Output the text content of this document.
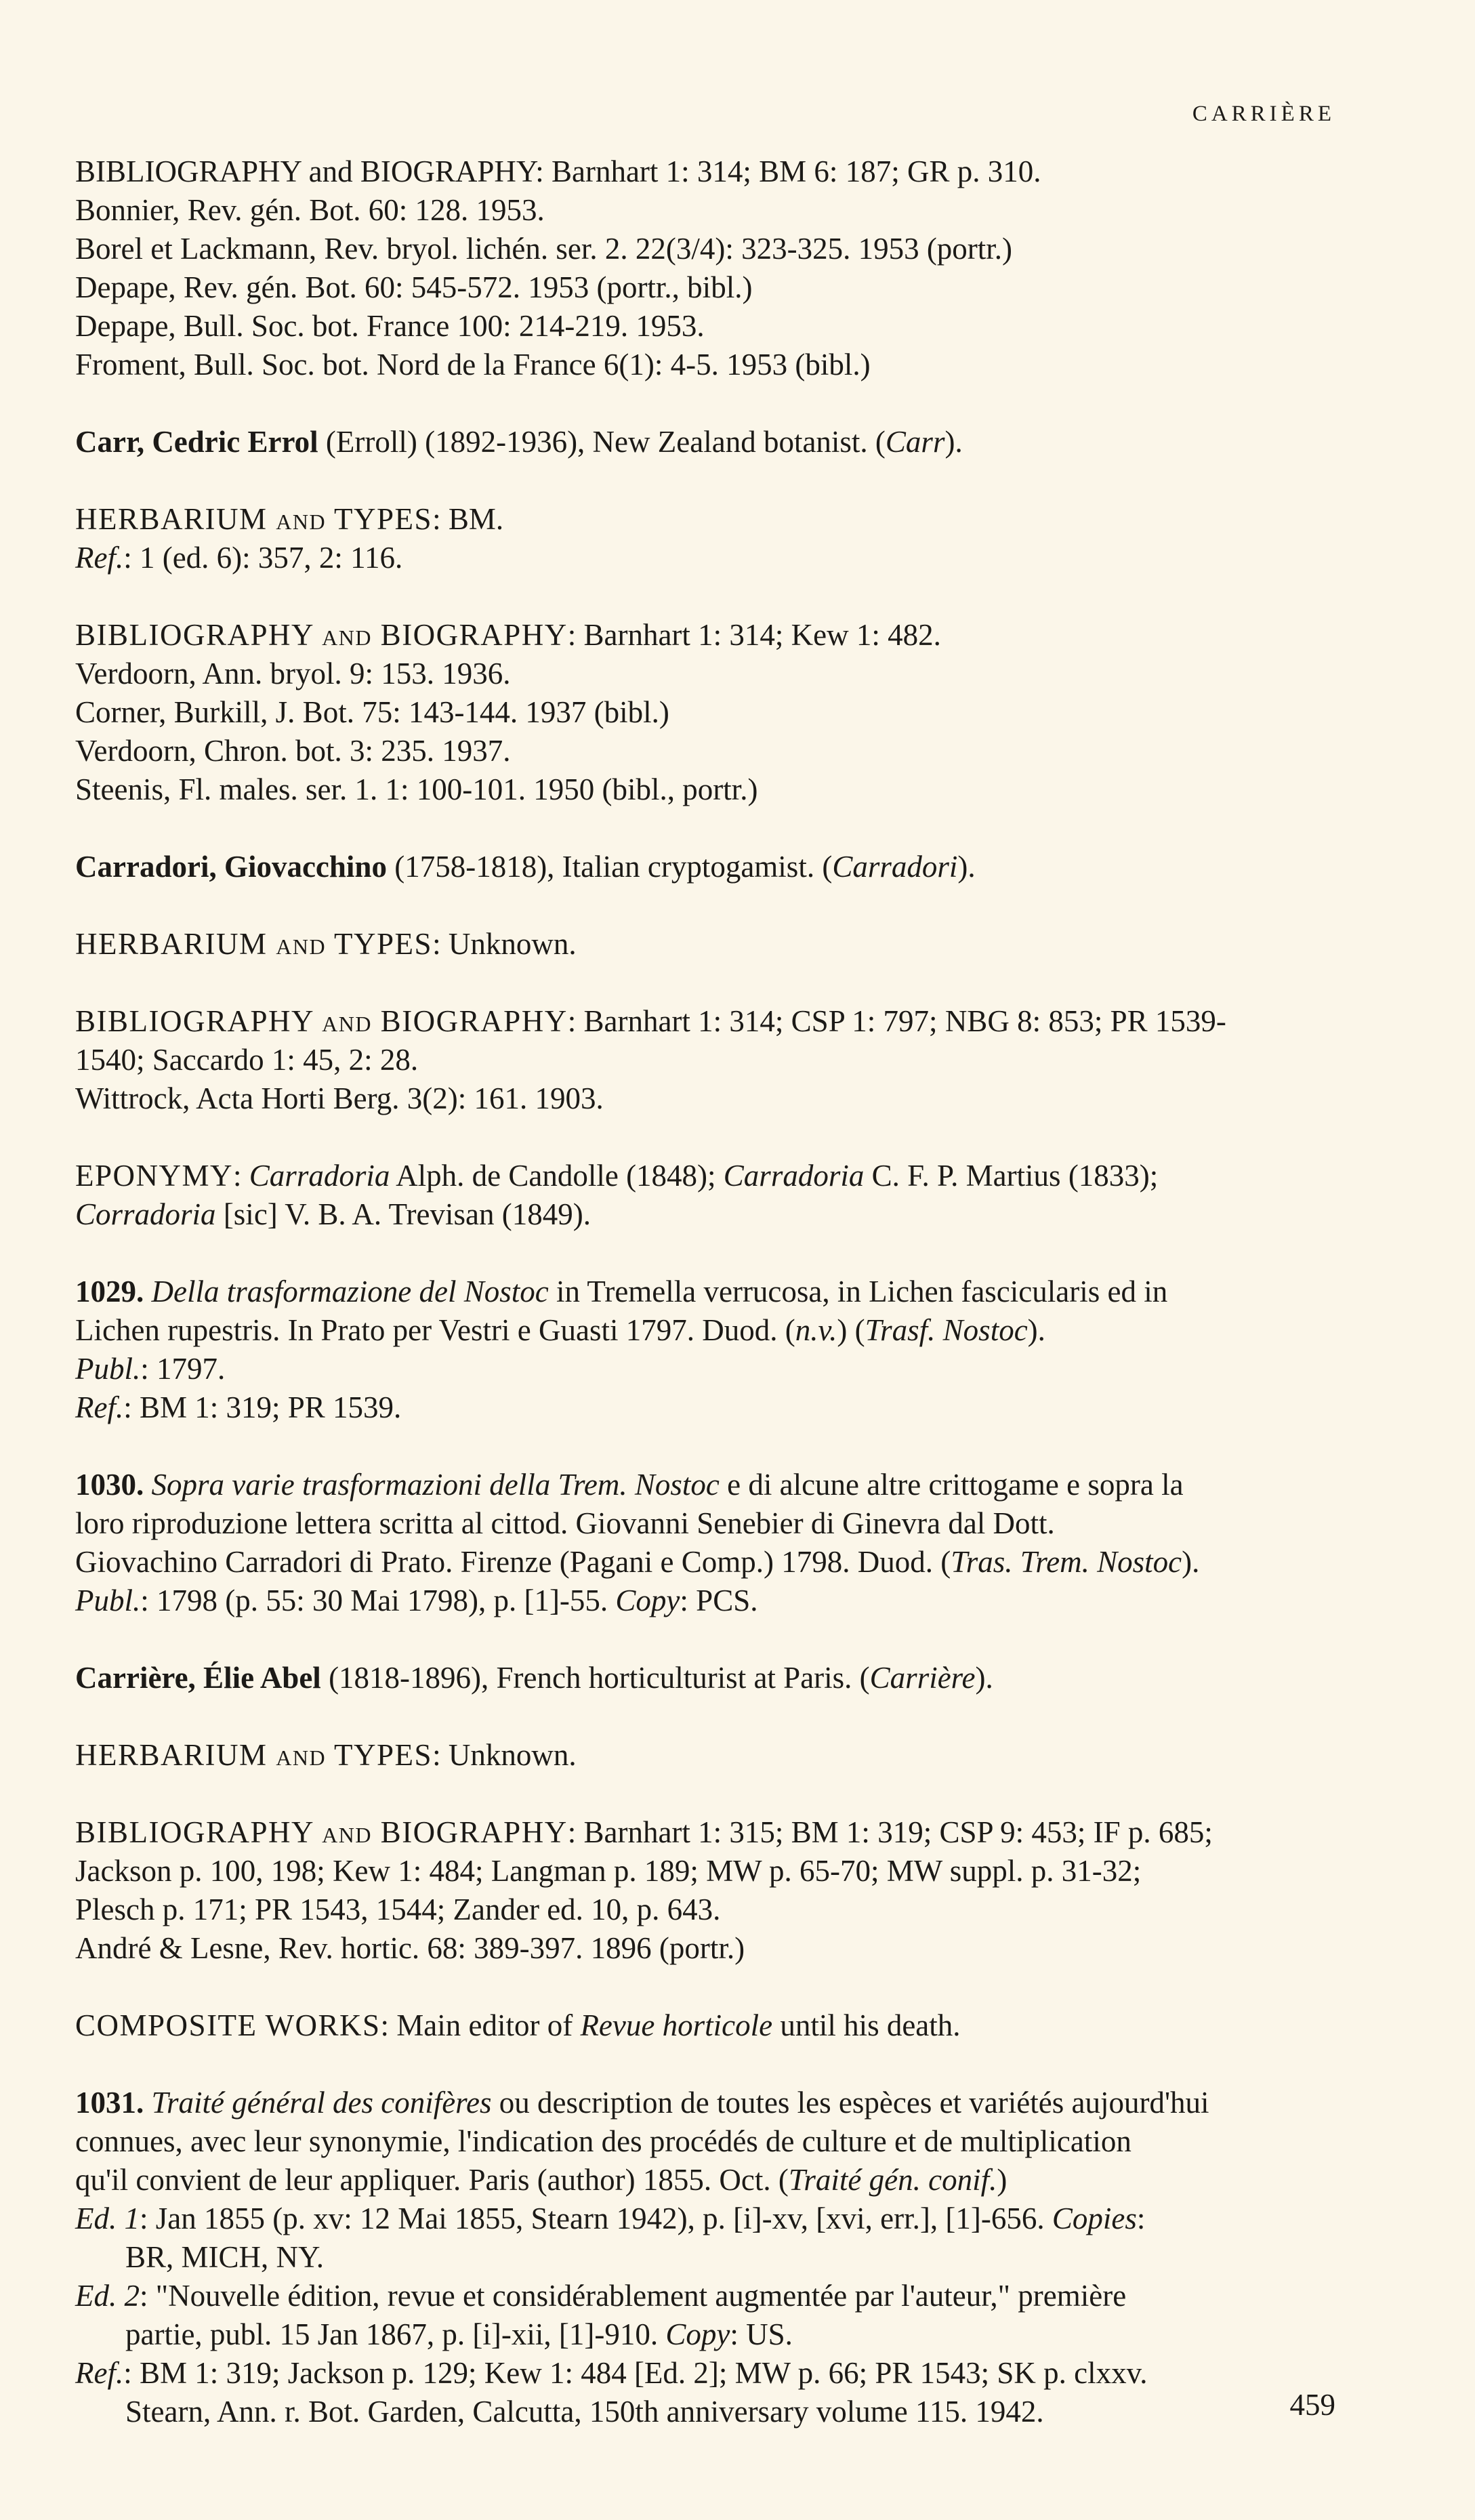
CARRIÈRE

BIBLIOGRAPHY and BIOGRAPHY: Barnhart 1: 314; BM 6: 187; GR p. 310.

Bonnier, Rev. gén. Bot. 60: 128. 1953.

Borel et Lackmann, Rev. bryol. lichén. ser. 2. 22(3/4): 323-325. 1953 (portr.)

Depape, Rev. gén. Bot. 60: 545-572. 1953 (portr., bibl.)

Depape, Bull. Soc. bot. France 100: 214-219. 1953.

Froment, Bull. Soc. bot. Nord de la France 6(1): 4-5. 1953 (bibl.)

Carr, Cedric Errol (Erroll) (1892-1936), New Zealand botanist. (Carr).

HERBARIUM and TYPES: BM.

Ref.: 1 (ed. 6): 357, 2: 116.

BIBLIOGRAPHY and BIOGRAPHY: Barnhart 1: 314; Kew 1: 482.

Verdoorn, Ann. bryol. 9: 153. 1936.

Corner, Burkill, J. Bot. 75: 143-144. 1937 (bibl.)

Verdoorn, Chron. bot. 3: 235. 1937.

Steenis, Fl. males. ser. 1. 1: 100-101. 1950 (bibl., portr.)

Carradori, Giovacchino (1758-1818), Italian cryptogamist. (Carradori).

HERBARIUM and TYPES: Unknown.

BIBLIOGRAPHY and BIOGRAPHY: Barnhart 1: 314; CSP 1: 797; NBG 8: 853; PR 1539-

1540; Saccardo 1: 45, 2: 28.

Wittrock, Acta Horti Berg. 3(2): 161. 1903.

EPONYMY: Carradoria Alph. de Candolle (1848); Carradoria C. F. P. Martius (1833);

Corradoria [sic] V. B. A. Trevisan (1849).

1029. Della trasformazione del Nostoc in Tremella verrucosa, in Lichen fascicularis ed in

Lichen rupestris. In Prato per Vestri e Guasti 1797. Duod. (n.v.) (Trasf. Nostoc).

Publ.: 1797.

Ref.: BM 1: 319; PR 1539.

1030. Sopra varie trasformazioni della Trem. Nostoc e di alcune altre crittogame e sopra la

loro riproduzione lettera scritta al cittod. Giovanni Senebier di Ginevra dal Dott.

Giovachino Carradori di Prato. Firenze (Pagani e Comp.) 1798. Duod. (Tras. Trem. Nostoc).

Publ.: 1798 (p. 55: 30 Mai 1798), p. [1]-55. Copy: PCS.

Carrière, Élie Abel (1818-1896), French horticulturist at Paris. (Carrière).

HERBARIUM and TYPES: Unknown.

BIBLIOGRAPHY and BIOGRAPHY: Barnhart 1: 315; BM 1: 319; CSP 9: 453; IF p. 685;

Jackson p. 100, 198; Kew 1: 484; Langman p. 189; MW p. 65-70; MW suppl. p. 31-32;

Plesch p. 171; PR 1543, 1544; Zander ed. 10, p. 643.

André & Lesne, Rev. hortic. 68: 389-397. 1896 (portr.)

COMPOSITE WORKS: Main editor of Revue horticole until his death.

1031. Traité général des conifères ou description de toutes les espèces et variétés aujourd'hui

connues, avec leur synonymie, l'indication des procédés de culture et de multiplication

qu'il convient de leur appliquer. Paris (author) 1855. Oct. (Traité gén. conif.)

Ed. 1: Jan 1855 (p. xv: 12 Mai 1855, Stearn 1942), p. [i]-xv, [xvi, err.], [1]-656. Copies:

BR, MICH, NY.

Ed. 2: "Nouvelle édition, revue et considérablement augmentée par l'auteur," première

partie, publ. 15 Jan 1867, p. [i]-xii, [1]-910. Copy: US.

Ref.: BM 1: 319; Jackson p. 129; Kew 1: 484 [Ed. 2]; MW p. 66; PR 1543; SK p. clxxv.

Stearn, Ann. r. Bot. Garden, Calcutta, 150th anniversary volume 115. 1942.	459
